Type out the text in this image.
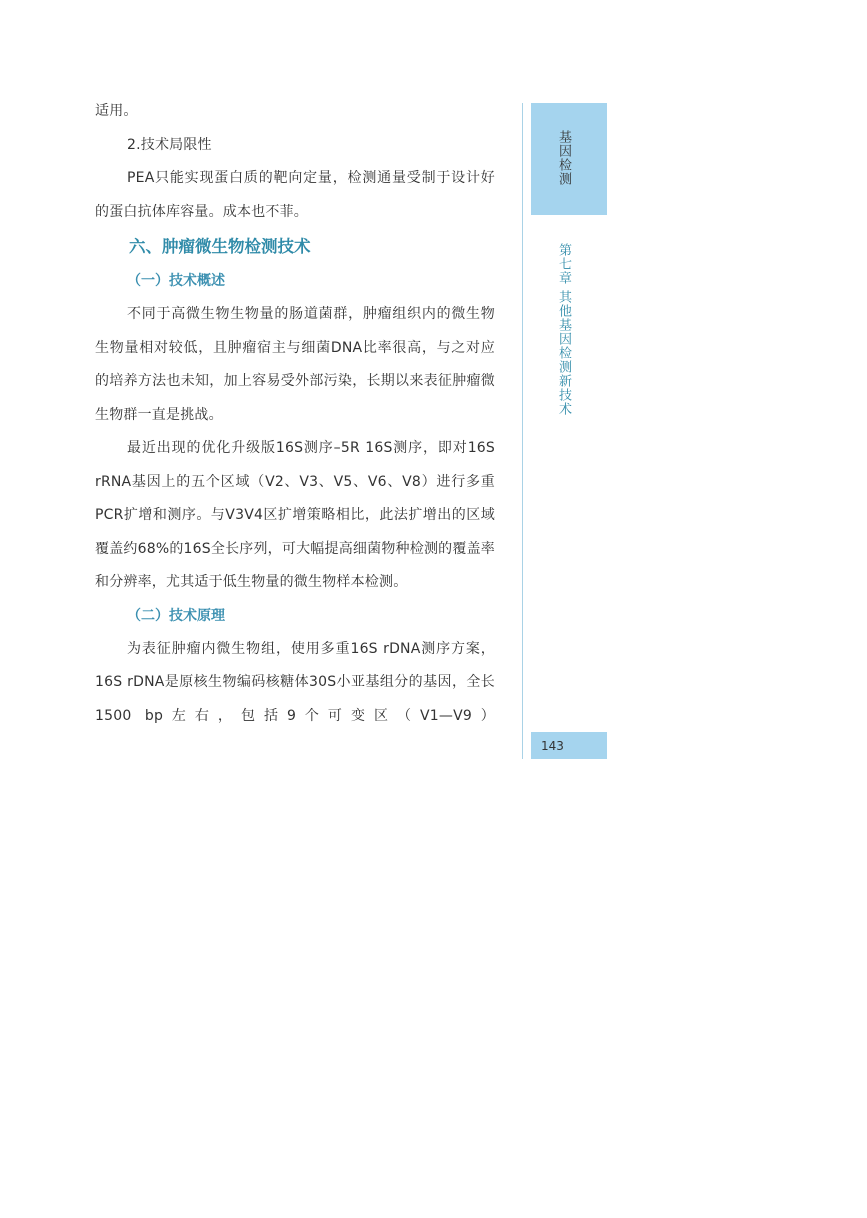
适用。

2.技术局限性

PEA只能实现蛋白质的靶向定量，检测通量受制于设计好的蛋白抗体库容量。成本也不菲。

六、肿瘤微生物检测技术

（一）技术概述

不同于高微生物生物量的肠道菌群，肿瘤组织内的微生物生物量相对较低，且肿瘤宿主与细菌DNA比率很高，与之对应的培养方法也未知，加上容易受外部污染，长期以来表征肿瘤微生物群一直是挑战。

最近出现的优化升级版16S测序–5R 16S测序，即对16S rRNA基因上的五个区域（V2、V3、V5、V6、V8）进行多重PCR扩增和测序。与V3V4区扩增策略相比，此法扩增出的区域覆盖约68%的16S全长序列，可大幅提高细菌物种检测的覆盖率和分辨率，尤其适于低生物量的微生物样本检测。

（二）技术原理

为表征肿瘤内微生物组，使用多重16S rDNA测序方案，16S rDNA是原核生物编码核糖体30S小亚基组分的基因，全长1500 bp左右，包括9个可变区（V1—V9）

基因检测
第七章 其他基因检测新技术
143
